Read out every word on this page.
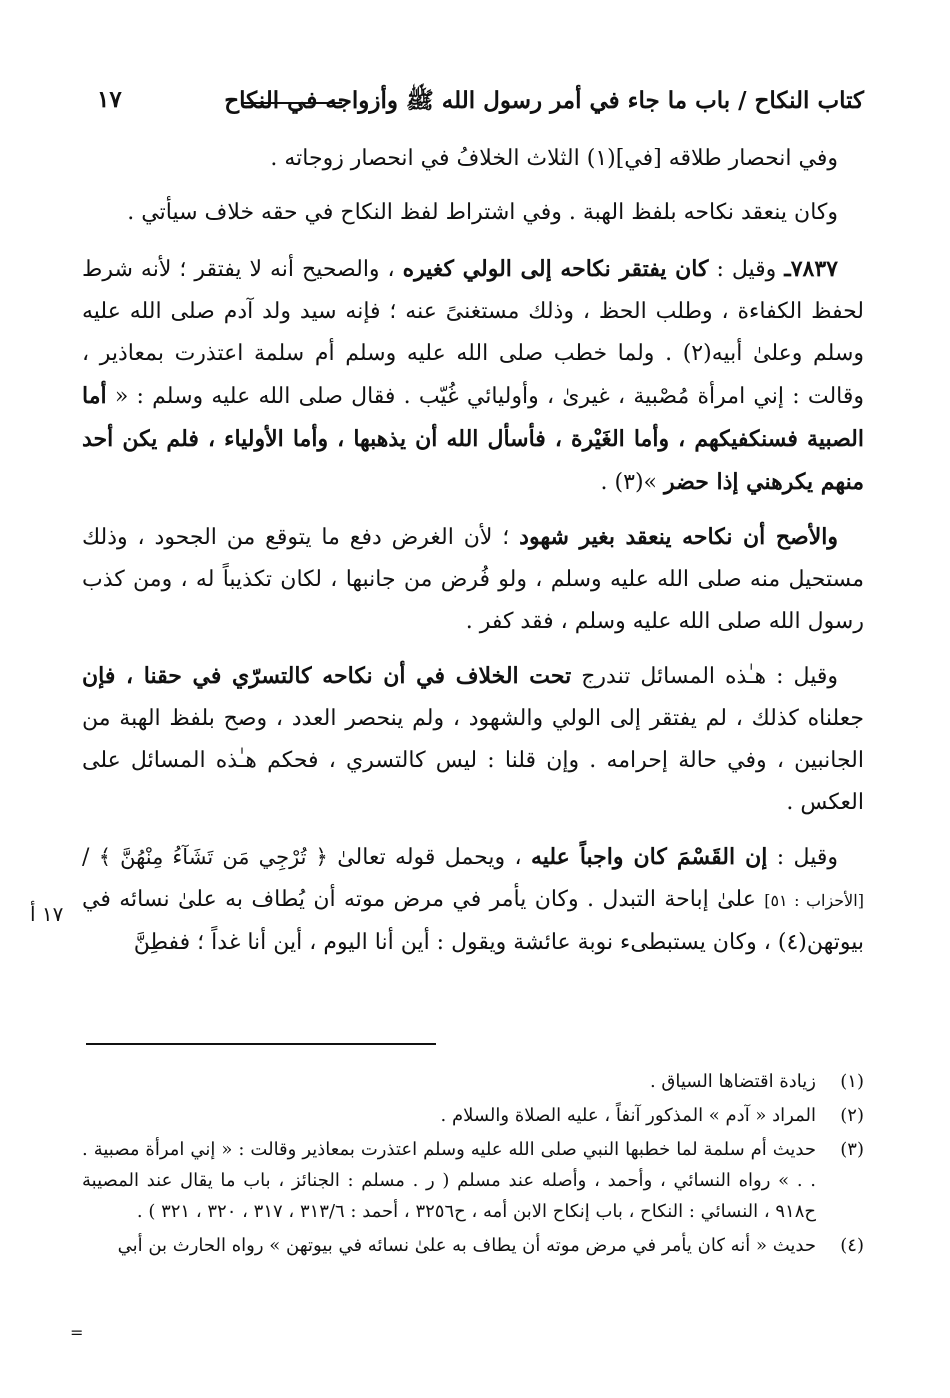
كتاب النكاح / باب ما جاء في أمر رسول الله ﷺ وأزواجه في النكاح
١٧

وفي انحصار طلاقه [في](١) الثلاث الخلافُ في انحصار زوجاته .

وكان ينعقد نكاحه بلفظ الهبة . وفي اشتراط لفظ النكاح في حقه خلاف سيأتي .

٧٨٣٧ـ وقيل : كان يفتقر نكاحه إلى الولي كغيره ، والصحيح أنه لا يفتقر ؛ لأنه شرط لحفظ الكفاءة ، وطلب الحظ ، وذلك مستغنىً عنه ؛ فإنه سيد ولد آدم صلى الله عليه وسلم وعلىٰ أبيه(٢) . ولما خطب صلى الله عليه وسلم أم سلمة اعتذرت بمعاذير ، وقالت : إني امرأة مُصْبية ، غيرىٰ ، وأوليائي غُيّب . فقال صلى الله عليه وسلم : « أما الصبية فسنكفيكهم ، وأما الغَيْرة ، فأسأل الله أن يذهبها ، وأما الأولياء ، فلم يكن أحد منهم يكرهني إذا حضر »(٣) .

والأصح أن نكاحه ينعقد بغير شهود ؛ لأن الغرض دفع ما يتوقع من الجحود ، وذلك مستحيل منه صلى الله عليه وسلم ، ولو فُرض من جانبها ، لكان تكذيباً له ، ومن كذب رسول الله صلى الله عليه وسلم ، فقد كفر .

وقيل : هـٰذه المسائل تندرج تحت الخلاف في أن نكاحه كالتسرّي في حقنا ، فإن جعلناه كذلك ، لم يفتقر إلى الولي والشهود ، ولم ينحصر العدد ، وصح بلفظ الهبة من الجانبين ، وفي حالة إحرامه . وإن قلنا : ليس كالتسري ، فحكم هـٰذه المسائل على العكس .

وقيل : إن القَسْمَ كان واجباً عليه ، ويحمل قوله تعالىٰ ﴿ تُرْجِي مَن تَشَآءُ مِنْهُنَّ ﴾ / [الأحزاب : ٥١] علىٰ إباحة التبدل . وكان يأمر في مرض موته أن يُطاف به علىٰ نسائه في بيوتهن(٤) ، وكان يستبطىء نوبة عائشة ويقول : أين أنا اليوم ، أين أنا غداً ؛ ففطِنَّ

١٧ أ
(١)
زيادة اقتضاها السياق .
(٢)
المراد « آدم » المذكور آنفاً ، عليه الصلاة والسلام .
(٣)
حديث أم سلمة لما خطبها النبي صلى الله عليه وسلم اعتذرت بمعاذير وقالت : « إني امرأة مصبية . . . » رواه النسائي ، وأحمد ، وأصله عند مسلم ( ر . مسلم : الجنائز ، باب ما يقال عند المصيبة ح٩١٨ ، النسائي : النكاح ، باب إنكاح الابن أمه ، ح٣٢٥٦ ، أحمد : ٣١٣/٦ ، ٣١٧ ، ٣٢٠ ، ٣٢١ ) .
(٤)
حديث « أنه كان يأمر في مرض موته أن يطاف به علىٰ نسائه في بيوتهن » رواه الحارث بن أبي
=
